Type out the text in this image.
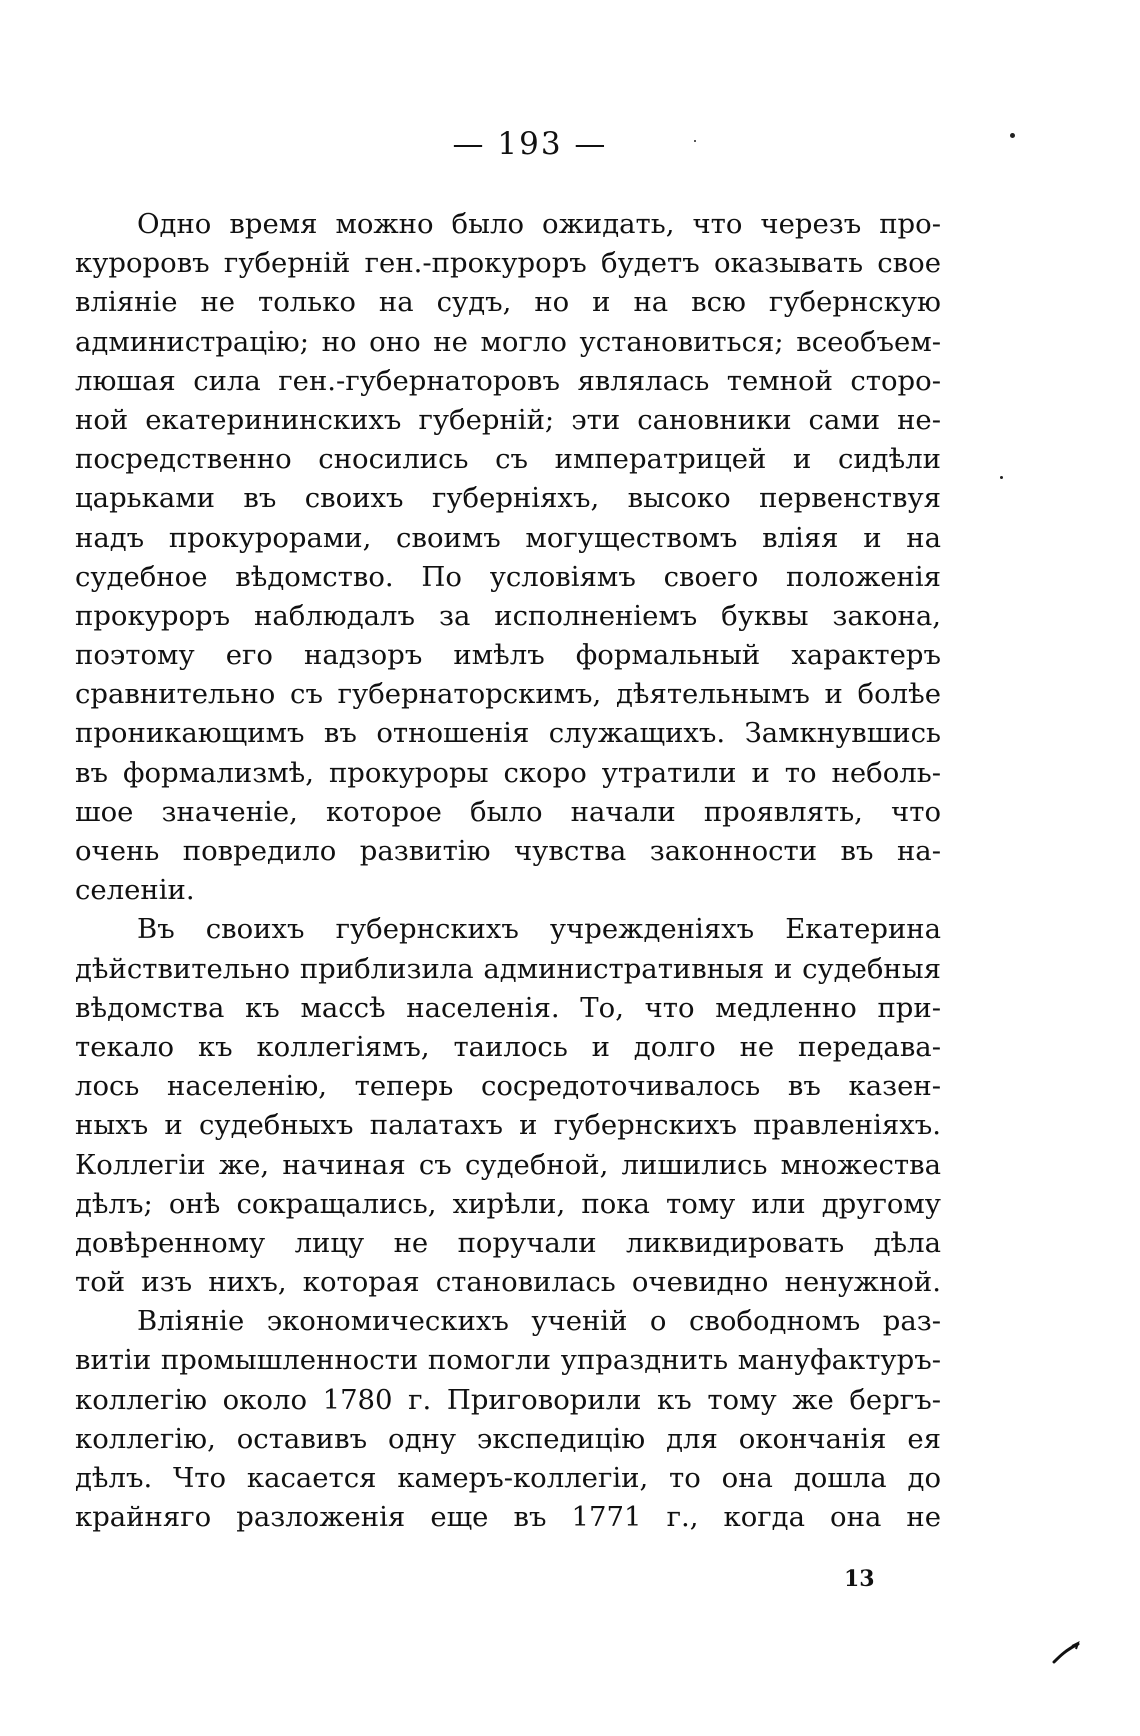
— 193 —
Одно время можно было ожидать, что черезъ про-
куроровъ губерній ген.-прокуроръ будетъ оказывать свое
вліяніе не только на судъ, но и на всю губернскую
администрацію; но оно не могло установиться; всеобъем-
люшая сила ген.-губернаторовъ являлась темной сторо-
ной екатерининскихъ губерній; эти сановники сами не-
посредственно сносились съ императрицей и сидѣли
царьками въ своихъ губерніяхъ, высоко первенствуя
надъ прокурорами, своимъ могуществомъ вліяя и на
судебное вѣдомство. По условіямъ своего положенія
прокуроръ наблюдалъ за исполненіемъ буквы закона,
поэтому его надзоръ имѣлъ формальный характеръ
сравнительно съ губернаторскимъ, дѣятельнымъ и болѣе
проникающимъ въ отношенія служащихъ. Замкнувшись
въ формализмѣ, прокуроры скоро утратили и то неболь-
шое значеніе, которое было начали проявлять, что
очень повредило развитію чувства законности въ на-
селеніи.
Въ своихъ губернскихъ учрежденіяхъ Екатерина
дѣйствительно приблизила административныя и судебныя
вѣдомства къ массѣ населенія. То, что медленно при-
текало къ коллегіямъ, таилось и долго не передава-
лось населенію, теперь сосредоточивалось въ казен-
ныхъ и судебныхъ палатахъ и губернскихъ правленіяхъ.
Коллегіи же, начиная съ судебной, лишились множества
дѣлъ; онѣ сокращались, хирѣли, пока тому или другому
довѣренному лицу не поручали ликвидировать дѣла
той изъ нихъ, которая становилась очевидно ненужной.
Вліяніе экономическихъ ученій о свободномъ раз-
витіи промышленности помогли упразднить мануфактуръ-
коллегію около 1780 г. Приговорили къ тому же бергъ-
коллегію, оставивъ одну экспедицію для окончанія ея
дѣлъ. Что касается камеръ-коллегіи, то она дошла до
крайняго разложенія еще въ 1771 г., когда она не
13
